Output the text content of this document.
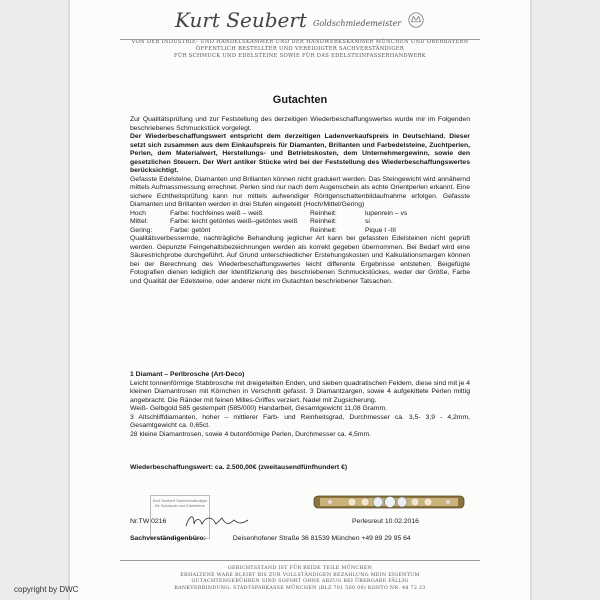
Kurt Seubert Goldschmiedemeister
VON DER INDUSTRIE- UND HANDELSKAMMER UND DER HANDWERKSKAMMER MÜNCHEN UND OBERBAYERN
ÖFFENTLICH BESTELLTER UND VEREIDIGTER SACHVERSTÄNDIGER
FÜR SCHMUCK UND EDELSTEINE SOWIE FÜR DAS EDELSTEINFASSERHANDWERK
Gutachten

Zur Qualitätsprüfung und zur Feststellung des derzeitigen Wiederbeschaffungswertes wurde mir im Folgenden beschriebenes Schmuckstück vorgelegt.

Der Wiederbeschaffungswert entspricht dem derzeitigen Ladenverkaufspreis in Deutschland. Dieser setzt sich zusammen aus dem Einkaufspreis für Diamanten, Brillanten und Farbedelsteine, Zuchtperlen, Perlen, dem Materialwert, Herstellungs- und Betriebskosten, dem Unternehmergewinn, sowie den gesetzlichen Steuern. Der Wert antiker Stücke wird bei der Feststellung des Wiederbeschaffungswertes berücksichtigt.

Gefasste Edelsteine, Diamanten und Brillanten können nicht graduiert werden. Das Steingewicht wird annähernd mittels Aufmassmessung errechnet. Perlen sind nur nach dem Augenschein als echte Orientperlen erkannt. Eine sichere Echtheitsprüfung kann nur mittels aufwendiger Röntgenschattenbildaufnahme erfolgen. Gefasste Diamanten und Brillanten werden in drei Stufen eingeteilt (Hoch/Mittel/Gering)

Hoch	Farbe: hochfeines weiß – weiß	Reinheit:	lupenrein – vs
Mittel:	Farbe: leicht getöntes weiß–getöntes weiß	Reinheit:	si
Gering:	Farbe: getönt	Reinheit:	Pique I -III

Qualitätsverbessernde, nachträgliche Behandlung jeglicher Art kann bei gefassten Edelsteinen nicht geprüft werden. Gepunzte Feingehaltsbezeichnungen werden als korrekt gegeben übernommen. Bei Bedarf wird eine Säurestrichprobe durchgeführt. Auf Grund unterschiedlicher Erstehungskosten und Kalkulationsmargen können bei der Berechnung des Wiederbeschaffungswertes leicht differente Ergebnisse entstehen. Beigefügte Fotografien dienen lediglich der Identifizierung des beschriebenen Schmuckstückes, weder der Größe, Farbe und Qualität der Edelsteine, oder anderer nicht im Gutachten beschriebener Tatsachen.

1 Diamant – Perlbrosche (Art-Deco)

Leicht tonnenförmige Stabbrosche mit dreigeteilten Enden, und sieben quadratischen Feldern, diese sind mit je 4 kleinen Diamantrosen mit Körnchen in Verschnitt gefasst. 3 Diamantzargen, sowie 4 aufgekittete Perlen mittig angebracht. Die Ränder mit feinen Milles-Griffes verziert. Nadel mit Zugsicherung.

Weiß- Gelbgold 585 gestempelt (585/000) Handarbeit, Gesamtgewicht 11,08 Gramm.

3 Altschliffdiamanten, hoher – mittlerer Farb- und Reinheitsgrad, Durchmesser ca. 3,5- 3,9 - 4,2mm, Gesamtgewicht ca. 0,65ct.

28 kleine Diamantrosen, sowie 4 butonförmige Perlen, Durchmesser ca. 4,5mm.

Wiederbeschaffungswert: ca. 2.500,00€ (zweitausendfünfhundert €)
Kurt Seubert Sachverständiger für Schmuck und Edelsteine
Nr.TW 0216	Perlesreut 10.02.2016
Sachverständigenbüro:	Deisenhofener Straße 36 81539 München +49 89 29 95 64
GERICHTSSTAND IST FÜR BEIDE TEILE MÜNCHEN
ERHALTENE WARE BLEIBT BIS ZUR VOLLSTÄNDIGEN BEZAHLUNG MEIN EIGENTUM
GUTACHTENGEBÜHREN SIND SOFORT OHNE ABZUG BEI ÜBERGABE FÄLLIG
BANKVERBINDUNG: STADTSPARKASSE MÜNCHEN (BLZ 701 500 00) KONTO NR. 48 72 23
copyright by DWC
